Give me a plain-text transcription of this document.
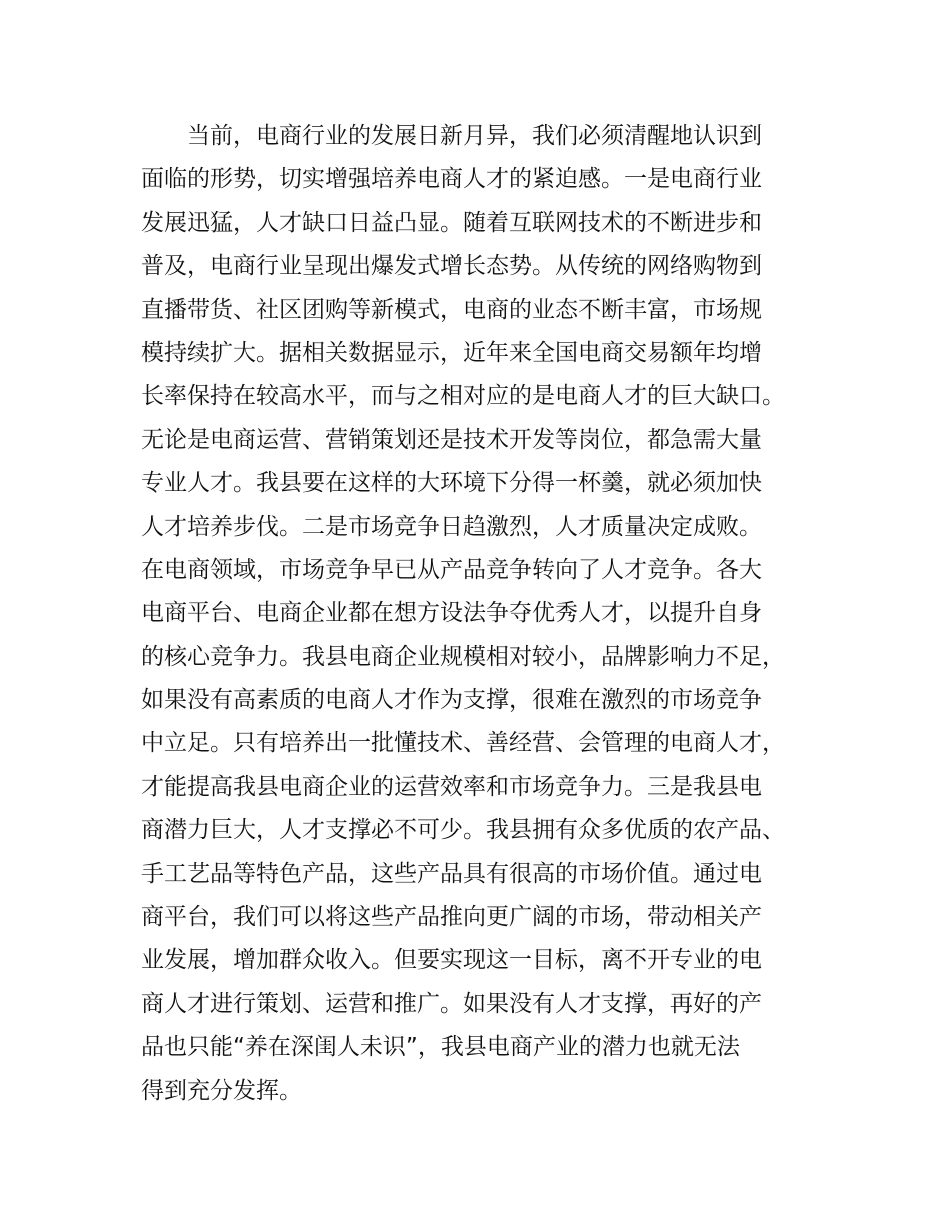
当前，电商行业的发展日新月异，我们必须清醒地认识到
面临的形势，切实增强培养电商人才的紧迫感。一是电商行业
发展迅猛，人才缺口日益凸显。随着互联网技术的不断进步和
普及，电商行业呈现出爆发式增长态势。从传统的网络购物到
直播带货、社区团购等新模式，电商的业态不断丰富，市场规
模持续扩大。据相关数据显示，近年来全国电商交易额年均增
长率保持在较高水平，而与之相对应的是电商人才的巨大缺口。
无论是电商运营、营销策划还是技术开发等岗位，都急需大量
专业人才。我县要在这样的大环境下分得一杯羹，就必须加快
人才培养步伐。二是市场竞争日趋激烈，人才质量决定成败。
在电商领域，市场竞争早已从产品竞争转向了人才竞争。各大
电商平台、电商企业都在想方设法争夺优秀人才，以提升自身
的核心竞争力。我县电商企业规模相对较小，品牌影响力不足，
如果没有高素质的电商人才作为支撑，很难在激烈的市场竞争
中立足。只有培养出一批懂技术、善经营、会管理的电商人才，
才能提高我县电商企业的运营效率和市场竞争力。三是我县电
商潜力巨大，人才支撑必不可少。我县拥有众多优质的农产品、
手工艺品等特色产品，这些产品具有很高的市场价值。通过电
商平台，我们可以将这些产品推向更广阔的市场，带动相关产
业发展，增加群众收入。但要实现这一目标，离不开专业的电
商人才进行策划、运营和推广。如果没有人才支撑，再好的产
品也只能“养在深闺人未识”，我县电商产业的潜力也就无法
得到充分发挥。
